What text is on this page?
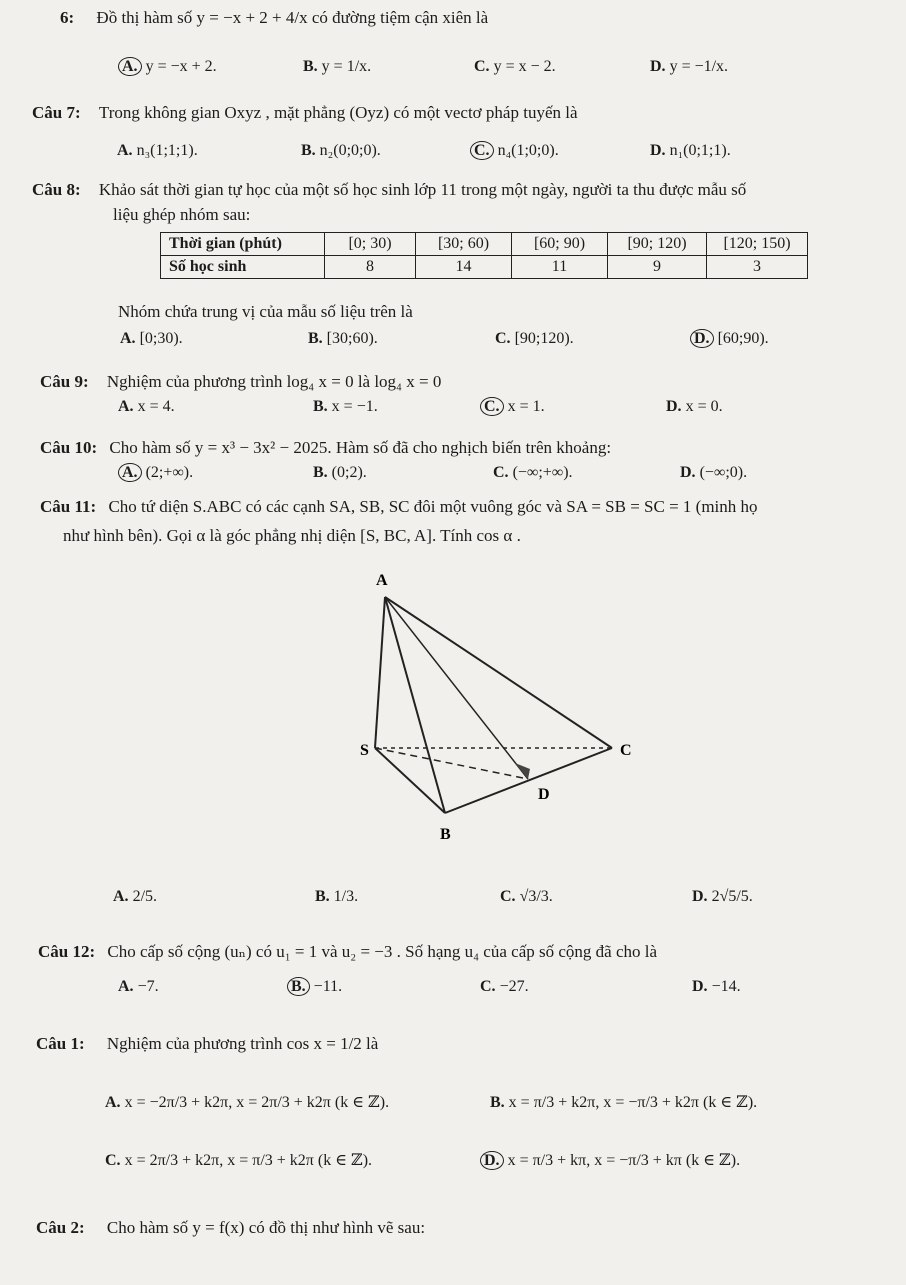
6: Đồ thị hàm số y = −x + 2 + 4/x có đường tiệm cận xiên là
A. y = −x + 2.	B. y = 1/x.	C. y = x − 2.	D. y = −1/x.
Câu 7: Trong không gian Oxyz , mặt phẳng (Oyz) có một vectơ pháp tuyến là
A. n₃(1;1;1).	B. n₂(0;0;0).	C. n₄(1;0;0).	D. n₁(0;1;1).
Câu 8: Khảo sát thời gian tự học của một số học sinh lớp 11 trong một ngày, người ta thu được mẫu số
liệu ghép nhóm sau:
Thời gian (phút)	[0; 30)	[30; 60)	[60; 90)	[90; 120)	[120; 150)
Số học sinh	8	14	11	9	3
Nhóm chứa trung vị của mẫu số liệu trên là
A. [0;30).	B. [30;60).	C. [90;120).	D. [60;90).
Câu 9: Nghiệm của phương trình log₄ x = 0 là log₄ x = 0
A. x = 4.	B. x = −1.	C. x = 1.	D. x = 0.
Câu 10: Cho hàm số y = x³ − 3x² − 2025. Hàm số đã cho nghịch biến trên khoảng:
A. (2;+∞).	B. (0;2).	C. (−∞;+∞).	D. (−∞;0).
Câu 11: Cho tứ diện S.ABC có các cạnh SA, SB, SC đôi một vuông góc và SA = SB = SC = 1 (minh họ
như hình bên). Gọi α là góc phẳng nhị diện [S, BC, A]. Tính cos α .
A
S	C
D
B
A. 2/5.	B. 1/3.	C. √3/3.	D. 2√5/5.
Câu 12: Cho cấp số cộng (uₙ) có u₁ = 1 và u₂ = −3 . Số hạng u₄ của cấp số cộng đã cho là
A. −7.	B. −11.	C. −27.	D. −14.
Câu 1: Nghiệm của phương trình cos x = 1/2 là
A. x = −2π/3 + k2π, x = 2π/3 + k2π (k ∈ ℤ).	B. x = π/3 + k2π, x = −π/3 + k2π (k ∈ ℤ).
C. x = 2π/3 + k2π, x = π/3 + k2π (k ∈ ℤ).	D. x = π/3 + kπ, x = −π/3 + kπ (k ∈ ℤ).
Câu 2: Cho hàm số y = f(x) có đồ thị như hình vẽ sau:
